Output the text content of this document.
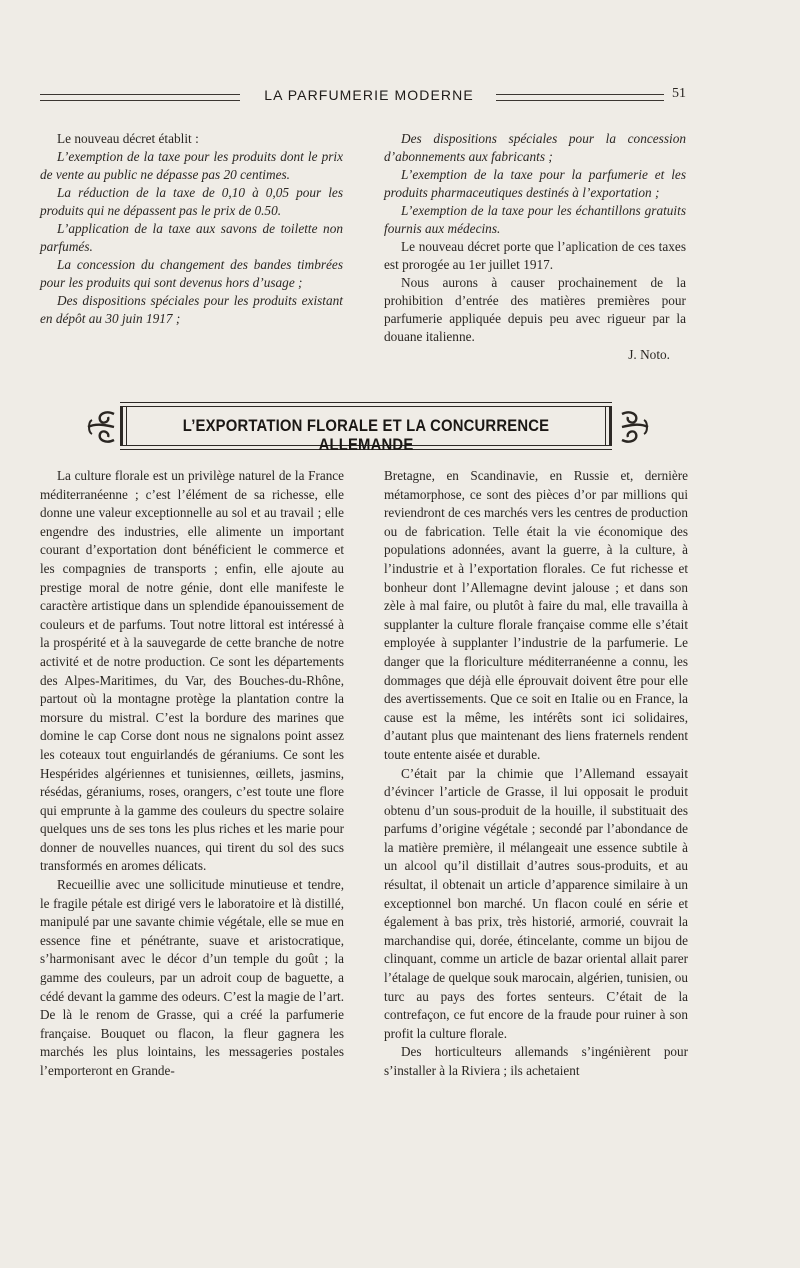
LA PARFUMERIE MODERNE	51

Le nouveau décret établit :

L’exemption de la taxe pour les produits dont le prix de vente au public ne dépasse pas 20 centimes.

La réduction de la taxe de 0,10 à 0,05 pour les produits qui ne dépassent pas le prix de 0.50.

L’application de la taxe aux savons de toilette non parfumés.

La concession du changement des bandes timbrées pour les produits qui sont devenus hors d’usage ;

Des dispositions spéciales pour les produits existant en dépôt au 30 juin 1917 ;

Des dispositions spéciales pour la concession d’abonnements aux fabricants ;

L’exemption de la taxe pour la parfumerie et les produits pharmaceutiques destinés à l’exportation ;

L’exemption de la taxe pour les échantillons gratuits fournis aux médecins.

Le nouveau décret porte que l’aplication de ces taxes est prorogée au 1er juillet 1917.

Nous aurons à causer prochainement de la prohibition d’entrée des matières premières pour parfumerie appliquée depuis peu avec rigueur par la douane italienne.

J. Noto.

L’EXPORTATION FLORALE ET LA CONCURRENCE ALLEMANDE

La culture florale est un privilège naturel de la France méditerranéenne ; c’est l’élément de sa richesse, elle donne une valeur exceptionnelle au sol et au travail ; elle engendre des industries, elle alimente un important courant d’exportation dont bénéficient le commerce et les compagnies de transports ; enfin, elle ajoute au prestige moral de notre génie, dont elle manifeste le caractère artistique dans un splendide épanouissement de couleurs et de parfums. Tout notre littoral est intéressé à la prospérité et à la sauvegarde de cette branche de notre activité et de notre production. Ce sont les départements des Alpes-Maritimes, du Var, des Bouches-du-Rhône, partout où la montagne protège la plantation contre la morsure du mistral. C’est la bordure des marines que domine le cap Corse dont nous ne signalons point assez les coteaux tout enguirlandés de géraniums. Ce sont les Hespérides algériennes et tunisiennes, œillets, jasmins, résédas, géraniums, roses, orangers, c’est toute une flore qui emprunte à la gamme des couleurs du spectre solaire quelques uns de ses tons les plus riches et les marie pour donner de nouvelles nuances, qui tirent du sol des sucs transformés en aromes délicats.

Recueillie avec une sollicitude minutieuse et tendre, le fragile pétale est dirigé vers le laboratoire et là distillé, manipulé par une savante chimie végétale, elle se mue en essence fine et pénétrante, suave et aristocratique, s’harmonisant avec le décor d’un temple du goût ; la gamme des couleurs, par un adroit coup de baguette, a cédé devant la gamme des odeurs. C’est la magie de l’art. De là le renom de Grasse, qui a créé la parfumerie française. Bouquet ou flacon, la fleur gagnera les marchés les plus lointains, les messageries postales l’emporteront en Grande-

Bretagne, en Scandinavie, en Russie et, dernière métamorphose, ce sont des pièces d’or par millions qui reviendront de ces marchés vers les centres de production ou de fabrication. Telle était la vie économique des populations adonnées, avant la guerre, à la culture, à l’industrie et à l’exportation florales. Ce fut richesse et bonheur dont l’Allemagne devint jalouse ; et dans son zèle à mal faire, ou plutôt à faire du mal, elle travailla à supplanter la culture florale française comme elle s’était employée à supplanter l’industrie de la parfumerie. Le danger que la floriculture méditerranéenne a connu, les dommages que déjà elle éprouvait doivent être pour elle des avertissements. Que ce soit en Italie ou en France, la cause est la même, les intérêts sont ici solidaires, d’autant plus que maintenant des liens fraternels rendent toute entente aisée et durable.

C’était par la chimie que l’Allemand essayait d’évincer l’article de Grasse, il lui opposait le produit obtenu d’un sous-produit de la houille, il substituait des parfums d’origine végétale ; secondé par l’abondance de la matière première, il mélangeait une essence subtile à un alcool qu’il distillait d’autres sous-produits, et au résultat, il obtenait un article d’apparence similaire à un exceptionnel bon marché. Un flacon coulé en série et également à bas prix, très historié, armorié, couvrait la marchandise qui, dorée, étincelante, comme un bijou de clinquant, comme un article de bazar oriental allait parer l’étalage de quelque souk marocain, algérien, tunisien, ou turc au pays des fortes senteurs. C’était de la contrefaçon, ce fut encore de la fraude pour ruiner à son profit la culture florale.

Des horticulteurs allemands s’ingénièrent pour s’installer à la Riviera ; ils achetaient
